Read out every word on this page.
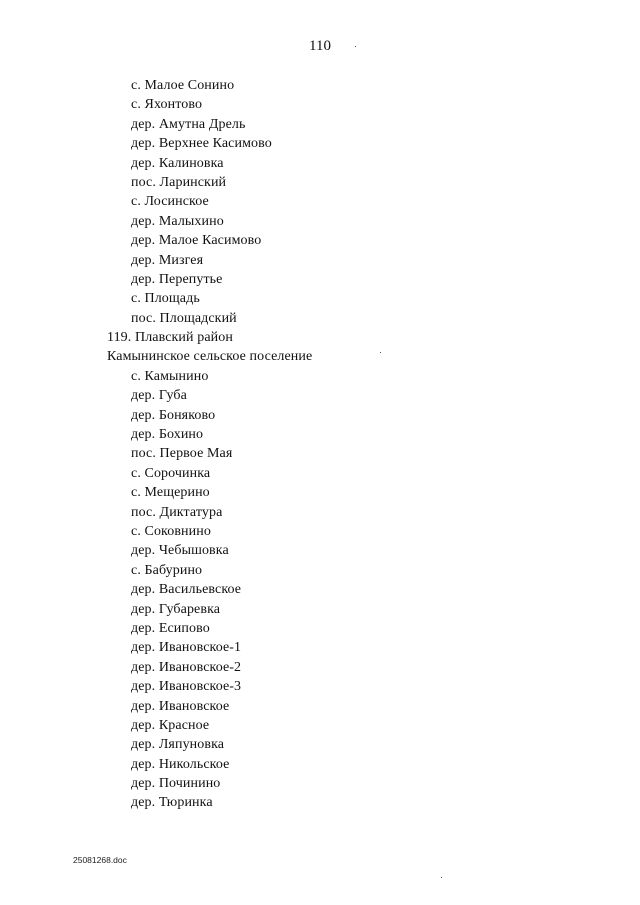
110
с. Малое Сонино
с. Яхонтово
дер. Амутна Дрель
дер. Верхнее Касимово
дер. Калиновка
пос. Ларинский
с. Лосинское
дер. Малыхино
дер. Малое Касимово
дер. Мизгея
дер. Перепутье
с. Площадь
пос. Площадский
119. Плавский район
Камынинское сельское поселение
с. Камынино
дер. Губа
дер. Боняково
дер. Бохино
пос. Первое Мая
с. Сорочинка
с. Мещерино
пос. Диктатура
с. Соковнино
дер. Чебышовка
с. Бабурино
дер. Васильевское
дер. Губаревка
дер. Есипово
дер. Ивановское-1
дер. Ивановское-2
дер. Ивановское-3
дер. Ивановское
дер. Красное
дер. Ляпуновка
дер. Никольское
дер. Починино
дер. Тюринка
25081268.doc
